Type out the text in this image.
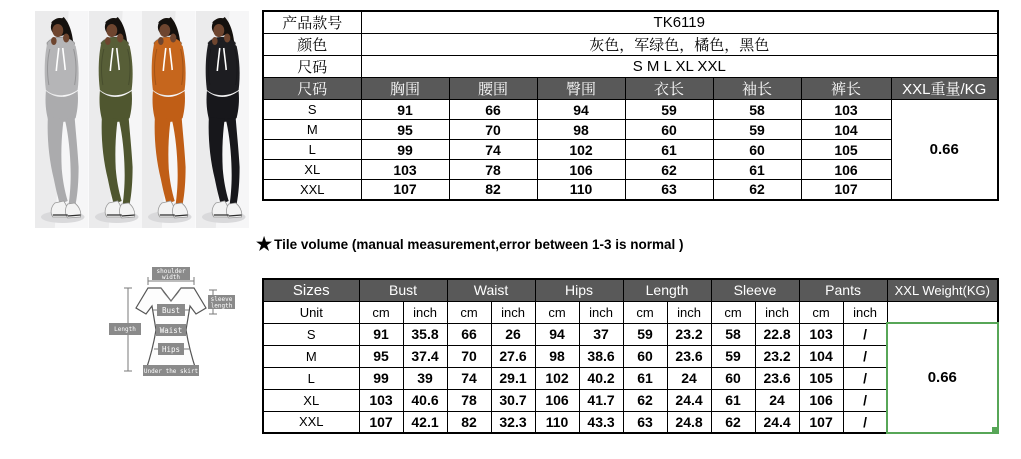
产品款号	TK6119						
颜色	灰色，军绿色，橘色，黑色						
尺码	S M L XL XXL						
尺码	胸围	腰围	臀围	衣长	袖长	裤长	XXL重量/KG
S	91	66	94	59	58	103	0.66
M	95	70	98	60	59	104	
L	99	74	102	61	60	105	
XL	103	78	106	62	61	106	
XXL	107	82	110	63	62	107	
★ Tile volume (manual measurement,error between 1-3 is normal )
shoulder
width
sleeve
length
Bust
Waist
Hips
Under the skirt
Length
Sizes	Bust		Waist		Hips		Length		Sleeve		Pants		XXL Weight(KG)
Unit	cm	inch	cm	inch	cm	inch	cm	inch	cm	inch	cm	inch	
S	91	35.8	66	26	94	37	59	23.2	58	22.8	103	/	0.66
M	95	37.4	70	27.6	98	38.6	60	23.6	59	23.2	104	/	
L	99	39	74	29.1	102	40.2	61	24	60	23.6	105	/	
XL	103	40.6	78	30.7	106	41.7	62	24.4	61	24	106	/	
XXL	107	42.1	82	32.3	110	43.3	63	24.8	62	24.4	107	/	
